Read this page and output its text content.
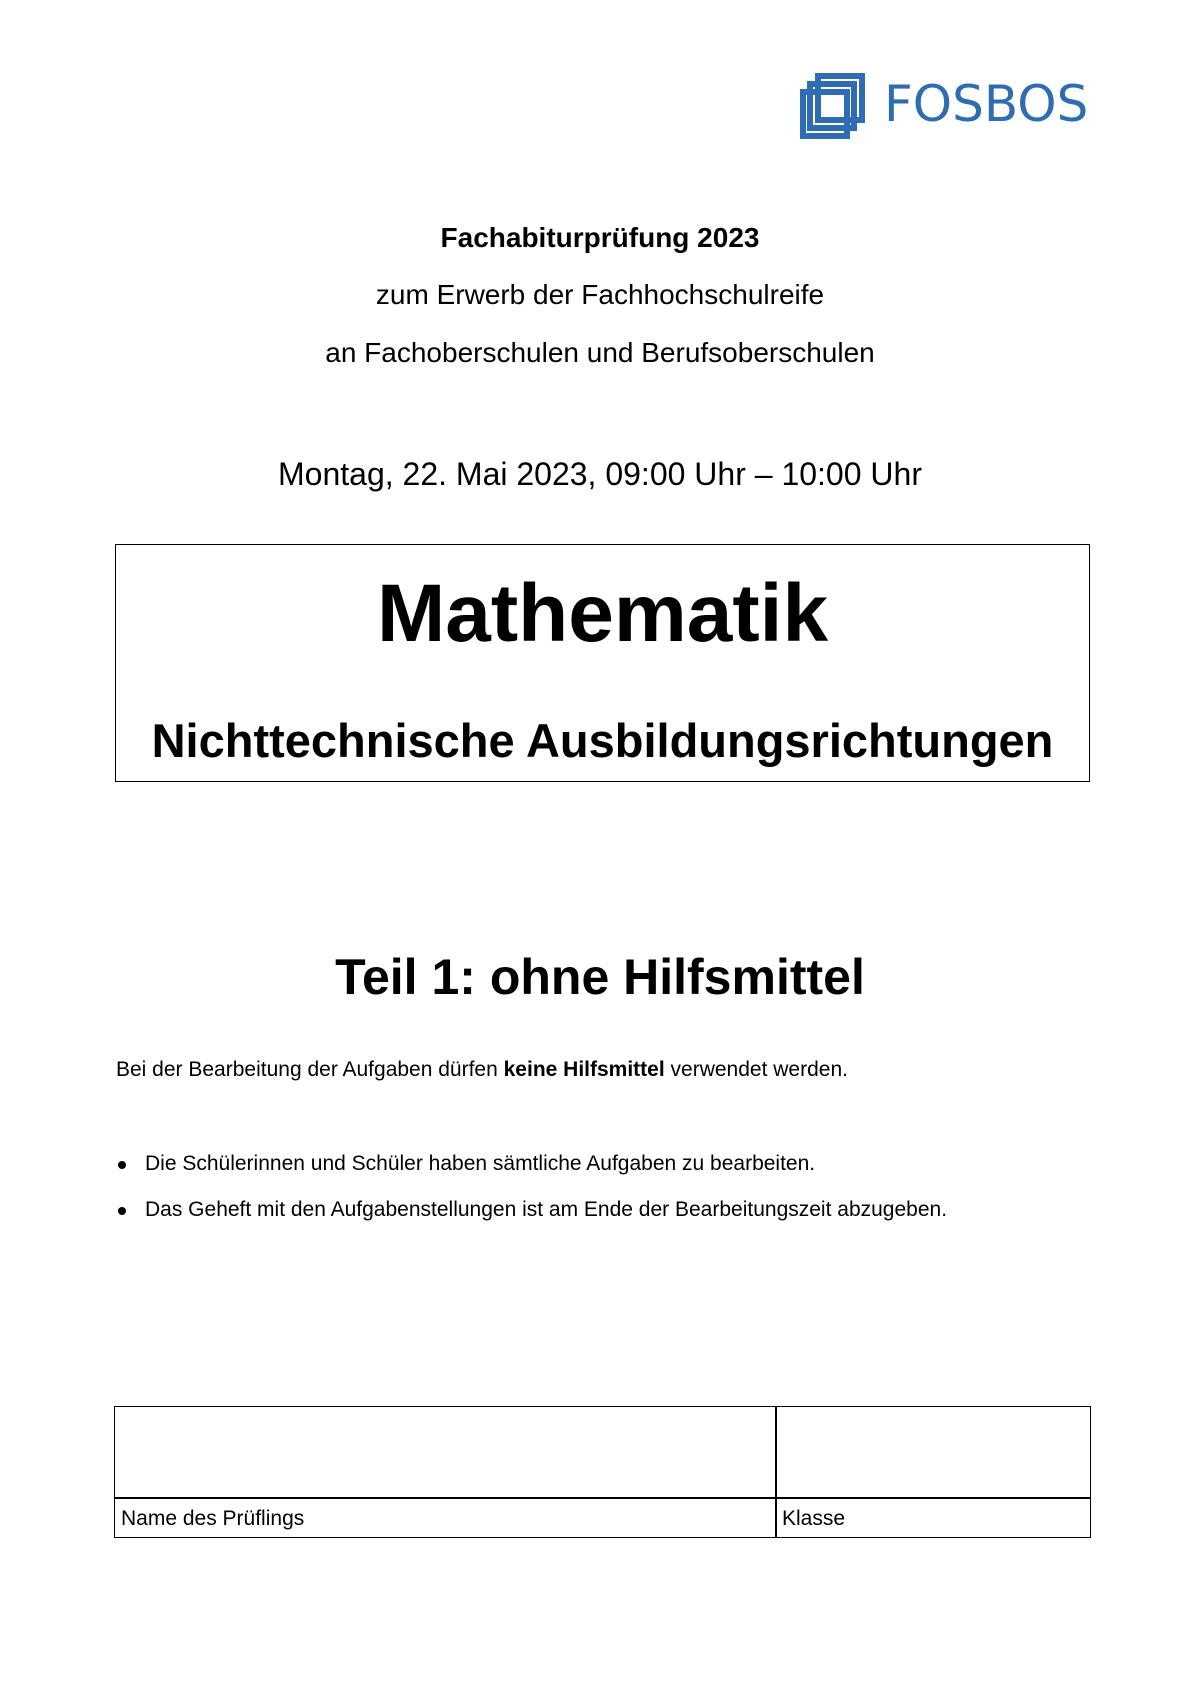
FOSBOS
Fachabiturprüfung 2023
zum Erwerb der Fachhochschulreife
an Fachoberschulen und Berufsoberschulen
Montag, 22. Mai 2023, 09:00 Uhr – 10:00 Uhr
Mathematik
Nichttechnische Ausbildungsrichtungen
Teil 1: ohne Hilfsmittel
Bei der Bearbeitung der Aufgaben dürfen keine Hilfsmittel verwendet werden.
Die Schülerinnen und Schüler haben sämtliche Aufgaben zu bearbeiten.
Das Geheft mit den Aufgabenstellungen ist am Ende der Bearbeitungszeit abzugeben.
Name des Prüflings	Klasse
